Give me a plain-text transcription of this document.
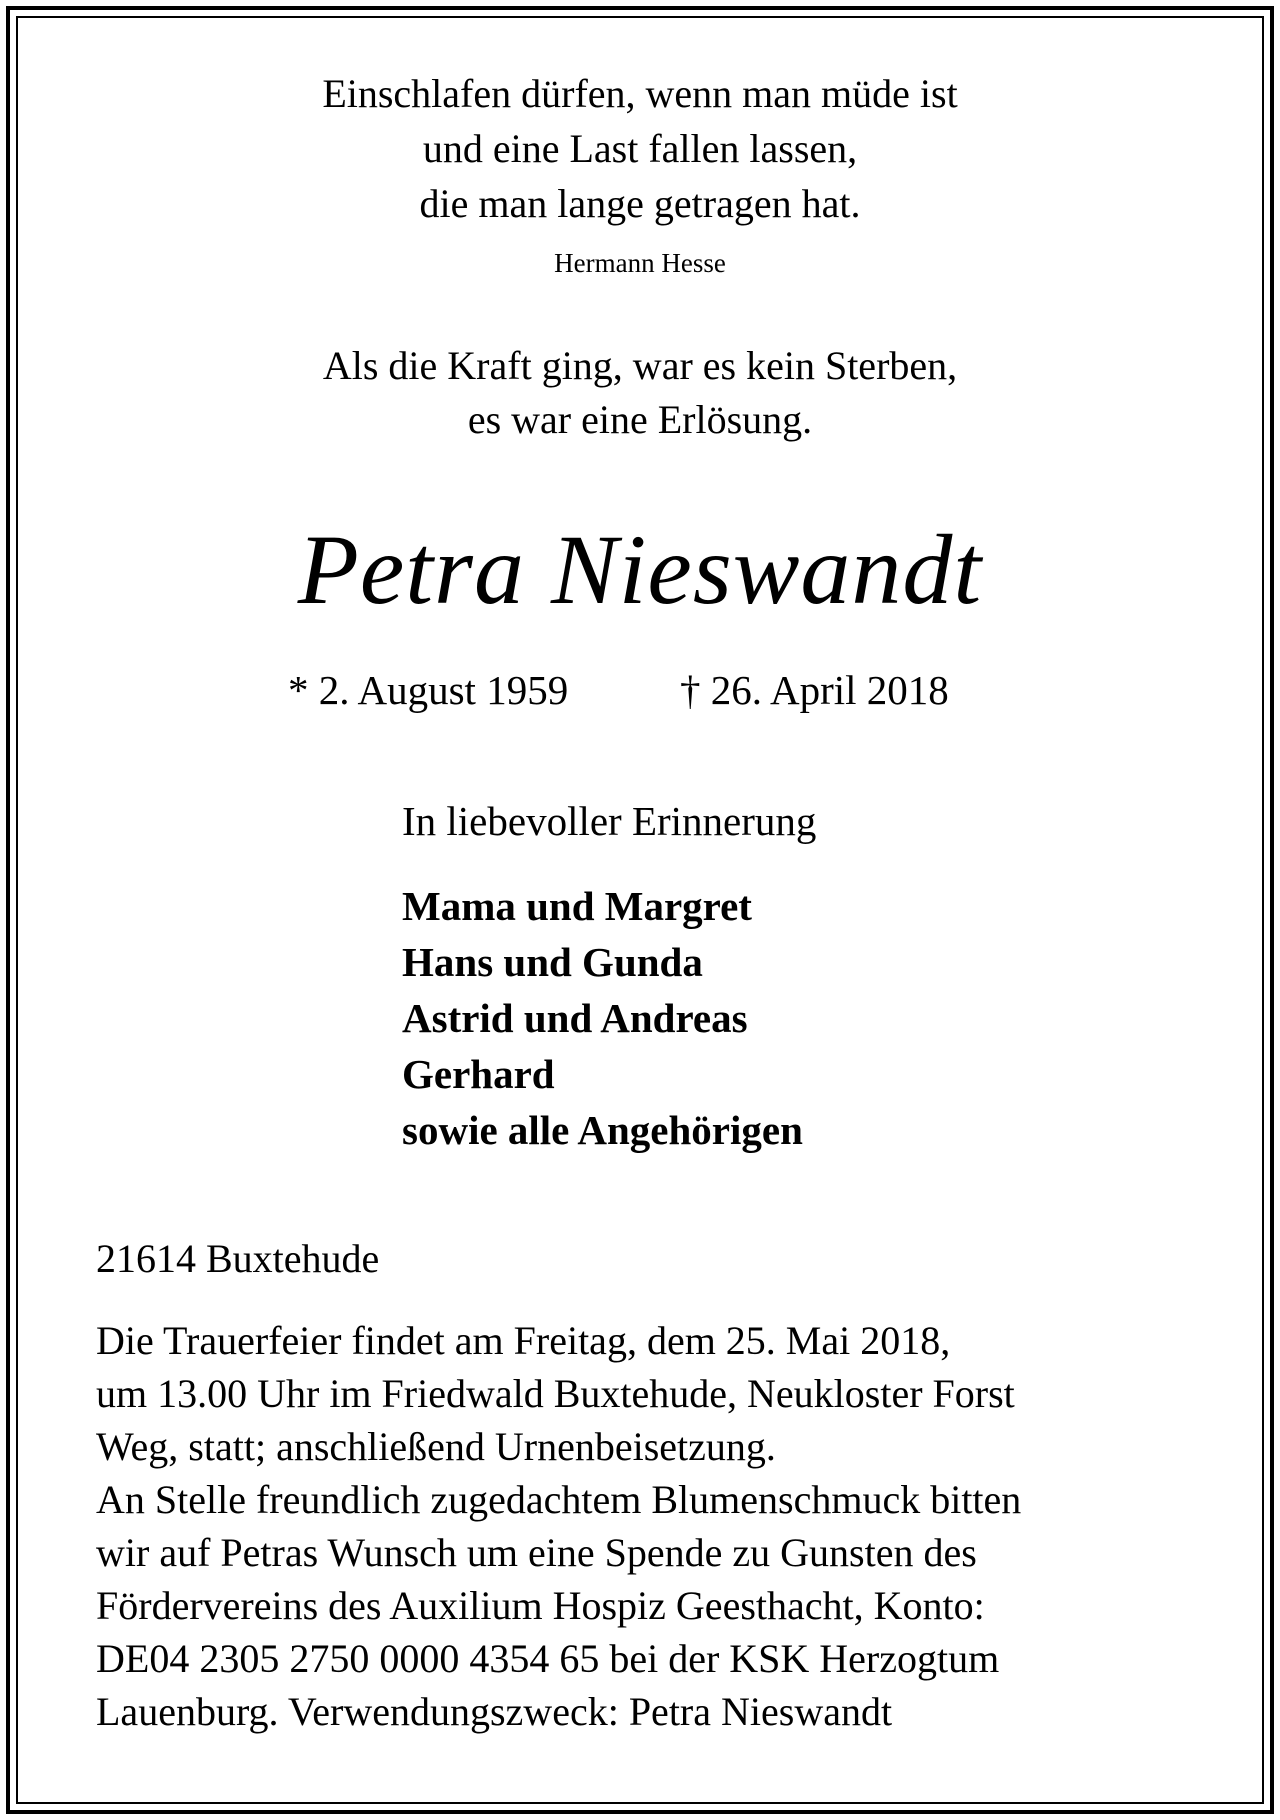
Einschlafen dürfen, wenn man müde ist
und eine Last fallen lassen,
die man lange getragen hat.
Hermann Hesse
Als die Kraft ging, war es kein Sterben,
es war eine Erlösung.
Petra Nieswandt
* 2. August 1959	† 26. April 2018
In liebevoller Erinnerung
Mama und Margret
Hans und Gunda
Astrid und Andreas
Gerhard
sowie alle Angehörigen
21614 Buxtehude
Die Trauerfeier findet am Freitag, dem 25. Mai 2018,
um 13.00 Uhr im Friedwald Buxtehude, Neukloster Forst
Weg, statt; anschließend Urnenbeisetzung.
An Stelle freundlich zugedachtem Blumenschmuck bitten
wir auf Petras Wunsch um eine Spende zu Gunsten des
Fördervereins des Auxilium Hospiz Geesthacht, Konto:
DE04 2305 2750 0000 4354 65 bei der KSK Herzogtum
Lauenburg. Verwendungszweck: Petra Nieswandt
